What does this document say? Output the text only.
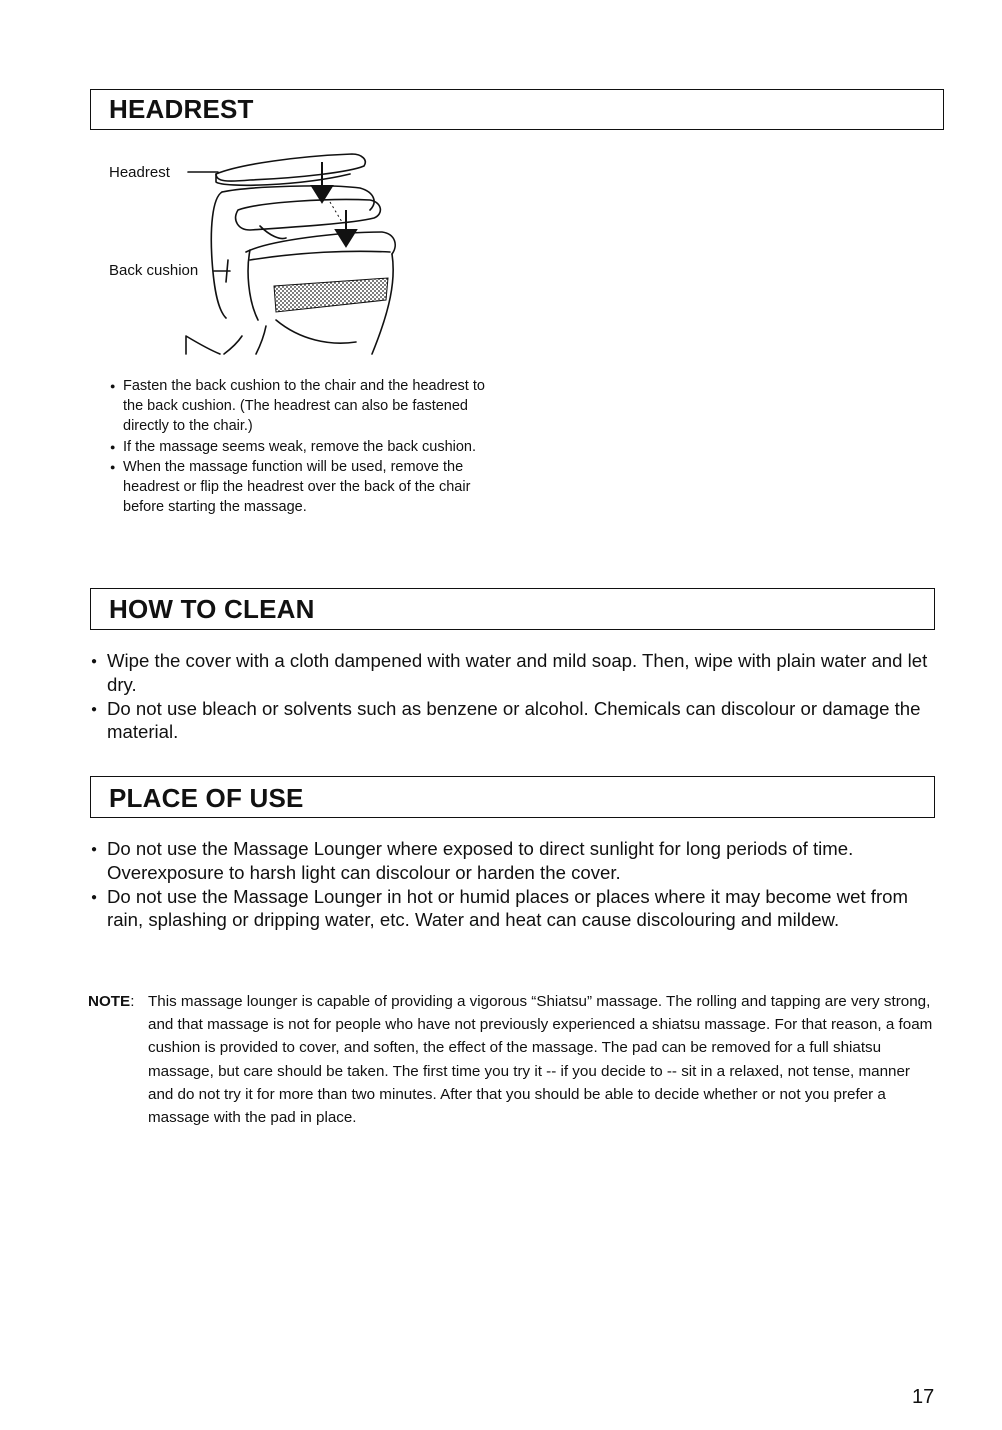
HEADREST
Headrest
Back cushion
● Fasten the back cushion to the chair and the headrest to the back cushion. (The headrest can also be fastened directly to the chair.)
● If the massage seems weak, remove the back cushion.
● When the massage function will be used, remove the headrest or flip the headrest over the back of the chair before starting the massage.
HOW TO CLEAN
● Wipe the cover with a cloth dampened with water and mild soap. Then, wipe with plain water and let dry.
● Do not use bleach or solvents such as benzene or alcohol. Chemicals can discolour or damage the material.
PLACE OF USE
● Do not use the Massage Lounger where exposed to direct sunlight for long periods of time. Overexposure to harsh light can discolour or harden the cover.
● Do not use the Massage Lounger in hot or humid places or places where it may become wet from rain, splashing or dripping water, etc. Water and heat can cause discolouring and mildew.
NOTE: This massage lounger is capable of providing a vigorous “Shiatsu” massage. The rolling and tapping are very strong, and that massage is not for people who have not previously experienced a shiatsu massage. For that reason, a foam cushion is provided to cover, and soften, the effect of the massage. The pad can be removed for a full shiatsu massage, but care should be taken. The first time you try it -- if you decide to -- sit in a relaxed, not tense, manner and do not try it for more than two minutes. After that you should be able to decide whether or not you prefer a massage with the pad in place.
17
